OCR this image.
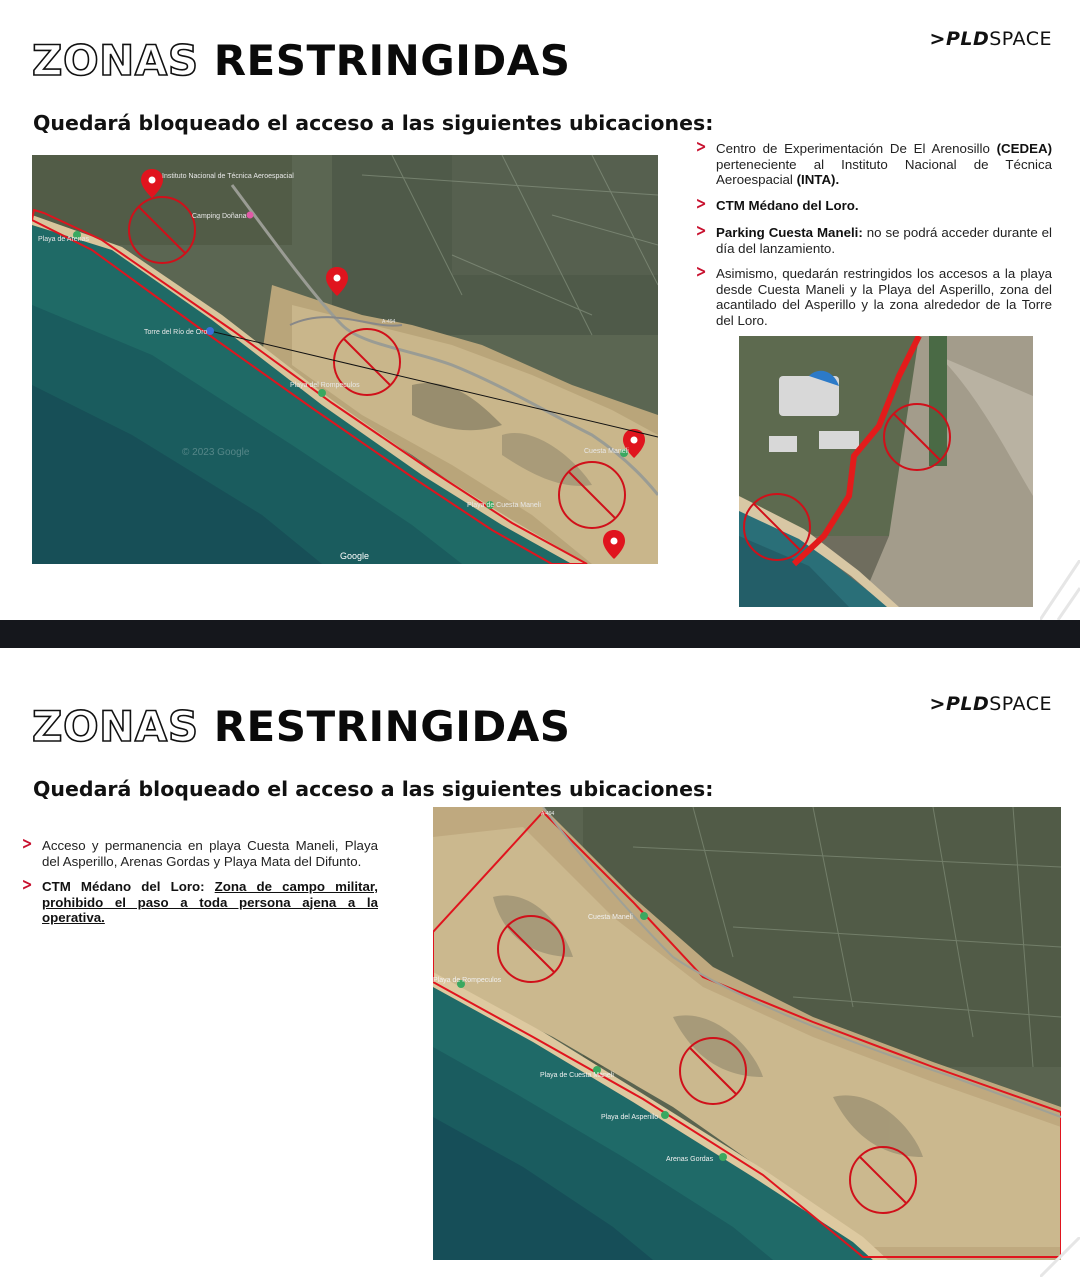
ZONAS RESTRINGIDAS	>PLDSPACE
Quedará bloqueado el acceso a las siguientes ubicaciones:
Instituto Nacional de Técnica Aeroespacial
Camping Doñana
Torre del Río de Oro
Playa de Arenas
Playa del Rompeculos
Cuesta Maneli
Playa de Cuesta Maneli
A-494
© 2023 Google
Google
> Centro de Experimentación De El Arenosillo (CEDEA) perteneciente al Instituto Nacional de Técnica Aeroespacial (INTA).
> CTM Médano del Loro.
> Parking Cuesta Maneli: no se podrá acceder durante el día del lanzamiento.
> Asimismo, quedarán restringidos los accesos a la playa desde Cuesta Maneli y la Playa del Asperillo, zona del acantilado del Asperillo y la zona alrededor de la Torre del Loro.
ZONAS RESTRINGIDAS	>PLDSPACE
Quedará bloqueado el acceso a las siguientes ubicaciones:
> Acceso y permanencia en playa Cuesta Maneli, Playa del Asperillo, Arenas Gordas y Playa Mata del Difunto.
> CTM Médano del Loro: Zona de campo militar, prohibido el paso a toda persona ajena a la operativa.	Cuesta Maneli
Playa de Rompeculos
Playa de Cuesta Maneli
Playa del Asperillo
Arenas Gordas
A-494
